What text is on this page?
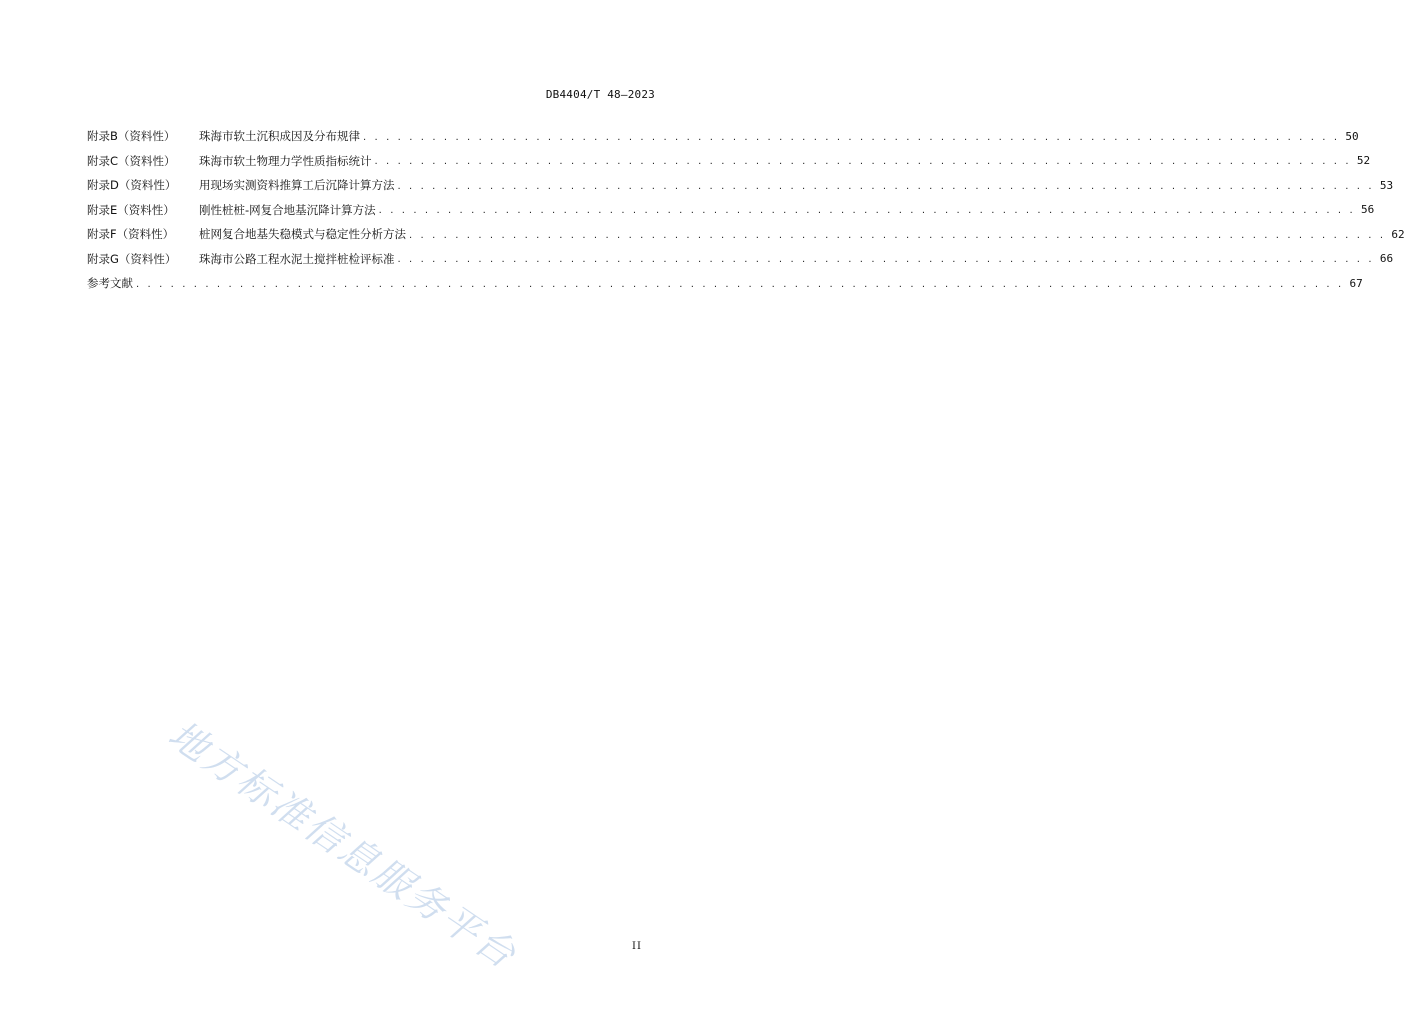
DB4404/T 48—2023
附录B（资料性）	珠海市软土沉积成因及分布规律 . . . . . . . . . . . . . . . . . . . . . . . . . . . . . . . . . . . . . . . . . . . . . . . . . . . . . . . . . . . . . . . . . . . . . . . . . . . . . . . . . . . . . 50
附录C（资料性）	珠海市软土物理力学性质指标统计 . . . . . . . . . . . . . . . . . . . . . . . . . . . . . . . . . . . . . . . . . . . . . . . . . . . . . . . . . . . . . . . . . . . . . . . . . . . . . . . . . . . . . 52
附录D（资料性）	用现场实测资料推算工后沉降计算方法 . . . . . . . . . . . . . . . . . . . . . . . . . . . . . . . . . . . . . . . . . . . . . . . . . . . . . . . . . . . . . . . . . . . . . . . . . . . . . . . . . . . . . 53
附录E（资料性）	刚性桩桩-网复合地基沉降计算方法 . . . . . . . . . . . . . . . . . . . . . . . . . . . . . . . . . . . . . . . . . . . . . . . . . . . . . . . . . . . . . . . . . . . . . . . . . . . . . . . . . . . . . 56
附录F（资料性）	桩网复合地基失稳模式与稳定性分析方法 . . . . . . . . . . . . . . . . . . . . . . . . . . . . . . . . . . . . . . . . . . . . . . . . . . . . . . . . . . . . . . . . . . . . . . . . . . . . . . . . . . . . . 62
附录G（资料性）	珠海市公路工程水泥土搅拌桩检评标准 . . . . . . . . . . . . . . . . . . . . . . . . . . . . . . . . . . . . . . . . . . . . . . . . . . . . . . . . . . . . . . . . . . . . . . . . . . . . . . . . . . . . . 66
参考文献 . . . . . . . . . . . . . . . . . . . . . . . . . . . . . . . . . . . . . . . . . . . . . . . . . . . . . . . . . . . . . . . . . . . . . . . . . . . . . . . . . . . . . . . . . . . . . . . . . . . . . . . . . 67
地方标准信息服务平台	II
